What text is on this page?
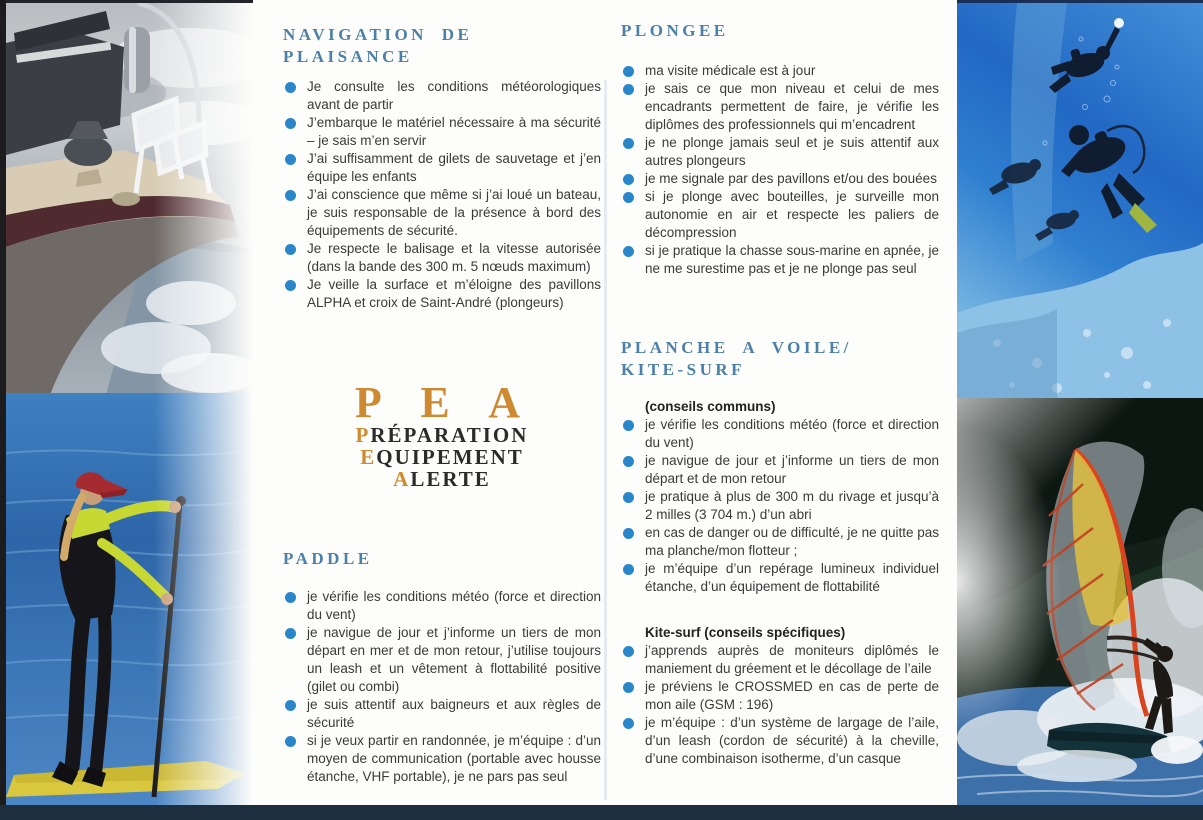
NAVIGATION DE
PLAISANCE
Je consulte les conditions météorologiques avant de partir
J’embarque le matériel nécessaire à ma sécurité – je sais m’en servir
J’ai suffisamment de gilets de sauvetage et j’en équipe les enfants
J’ai conscience que même si j’ai loué un bateau, je suis responsable de la présence à bord des équipements de sécurité.
Je respecte le balisage et la vitesse autorisée (dans la bande des 300 m. 5 nœuds maximum)
Je veille la surface et m’éloigne des pavillons ALPHA et croix de Saint-André (plongeurs)
P E A
PRÉPARATION
EQUIPEMENT
ALERTE
PADDLE
je vérifie les conditions météo (force et direction du vent)
je navigue de jour et j’informe un tiers de mon départ en mer et de mon retour, j’utilise toujours un leash et un vêtement à flottabilité positive (gilet ou combi)
je suis attentif aux baigneurs et aux règles de sécurité
si je veux partir en randonnée, je m’équipe : d’un moyen de communication (portable avec housse étanche, VHF portable), je ne pars pas seul
PLONGEE
ma visite médicale est à jour
je sais ce que mon niveau et celui de mes encadrants permettent de faire, je vérifie les diplômes des professionnels qui m’encadrent
je ne plonge jamais seul et je suis attentif aux autres plongeurs
je me signale par des pavillons et/ou des bouées
si je plonge avec bouteilles, je surveille mon autonomie en air et respecte les paliers de décompression
si je pratique la chasse sous-marine en apnée, je ne me surestime pas et je ne plonge pas seul
PLANCHE A VOILE/
KITE-SURF
(conseils communs)
je vérifie les conditions météo (force et direction du vent)
je navigue de jour et j’informe un tiers de mon départ et de mon retour
je pratique à plus de 300 m du rivage et jusqu’à 2 milles (3 704 m.) d’un abri
en cas de danger ou de difficulté, je ne quitte pas ma planche/mon flotteur ;
je m’équipe d’un repérage lumineux individuel étanche, d’un équipement de flottabilité
Kite-surf (conseils spécifiques)
j’apprends auprès de moniteurs diplômés le maniement du gréement et le décollage de l’aile
je préviens le CROSSMED en cas de perte de mon aile (GSM : 196)
je m’équipe : d’un système de largage de l’aile, d’un leash (cordon de sécurité) à la cheville, d’une combinaison isotherme, d’un casque
